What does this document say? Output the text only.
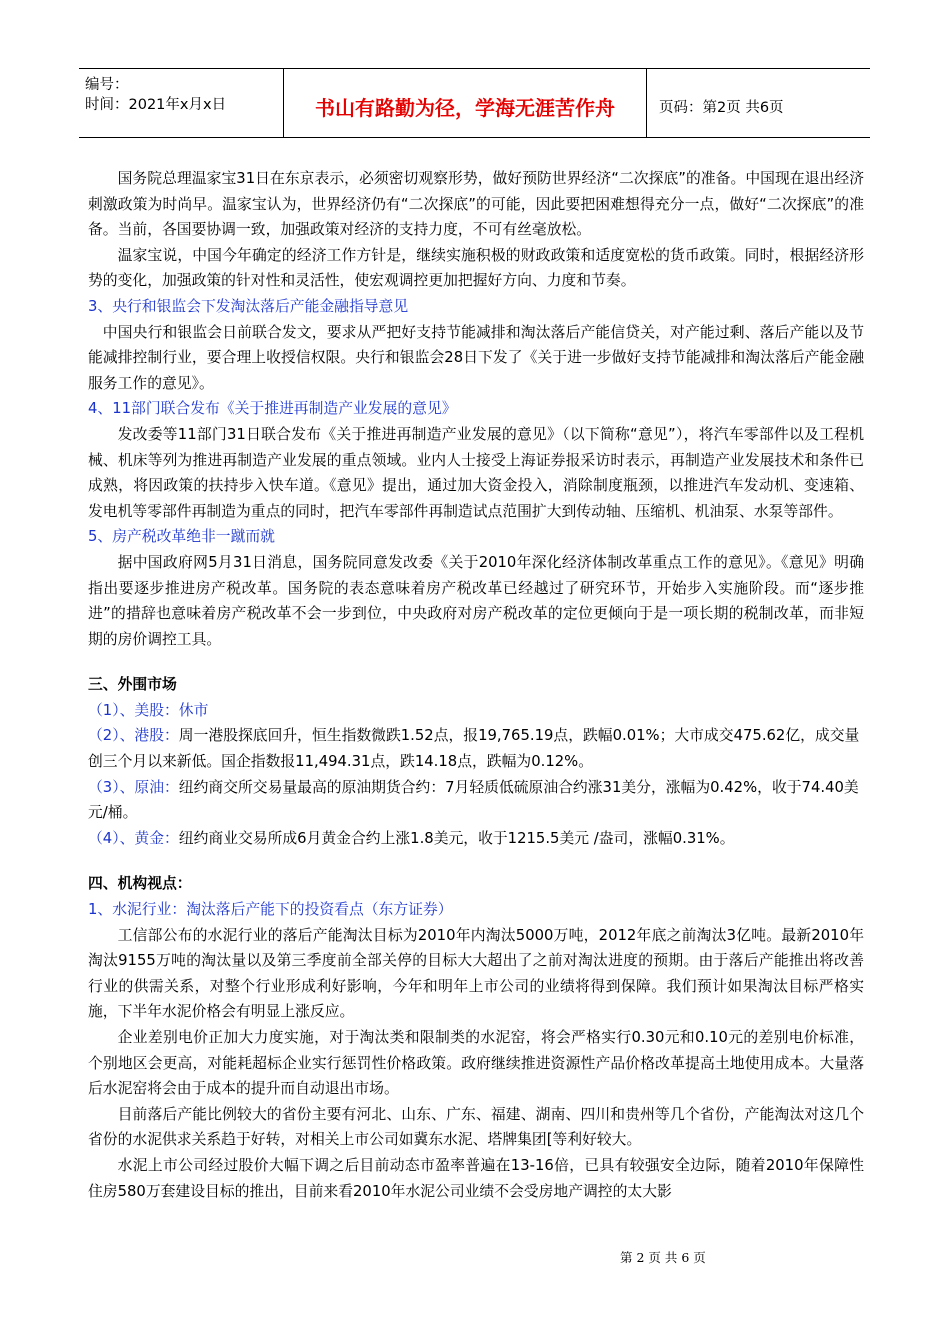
编号：
时间：2021年x月x日	书山有路勤为径，学海无涯苦作舟	页码：第2页 共6页

国务院总理温家宝31日在东京表示，必须密切观察形势，做好预防世界经济“二次探底”的准备。中国现在退出经济刺激政策为时尚早。温家宝认为，世界经济仍有“二次探底”的可能，因此要把困难想得充分一点，做好“二次探底”的准备。当前，各国要协调一致，加强政策对经济的支持力度，不可有丝毫放松。

温家宝说，中国今年确定的经济工作方针是，继续实施积极的财政政策和适度宽松的货币政策。同时，根据经济形势的变化，加强政策的针对性和灵活性，使宏观调控更加把握好方向、力度和节奏。

3、央行和银监会下发淘汰落后产能金融指导意见

中国央行和银监会日前联合发文，要求从严把好支持节能减排和淘汰落后产能信贷关，对产能过剩、落后产能以及节能减排控制行业，要合理上收授信权限。央行和银监会28日下发了《关于进一步做好支持节能减排和淘汰落后产能金融服务工作的意见》。

4、11部门联合发布《关于推进再制造产业发展的意见》

发改委等11部门31日联合发布《关于推进再制造产业发展的意见》（以下简称“意见”），将汽车零部件以及工程机械、机床等列为推进再制造产业发展的重点领域。业内人士接受上海证券报采访时表示，再制造产业发展技术和条件已成熟，将因政策的扶持步入快车道。《意见》提出，通过加大资金投入，消除制度瓶颈，以推进汽车发动机、变速箱、发电机等零部件再制造为重点的同时，把汽车零部件再制造试点范围扩大到传动轴、压缩机、机油泵、水泵等部件。

5、房产税改革绝非一蹴而就

据中国政府网5月31日消息，国务院同意发改委《关于2010年深化经济体制改革重点工作的意见》。《意见》明确指出要逐步推进房产税改革。国务院的表态意味着房产税改革已经越过了研究环节，开始步入实施阶段。而“逐步推进”的措辞也意味着房产税改革不会一步到位，中央政府对房产税改革的定位更倾向于是一项长期的税制改革，而非短期的房价调控工具。

三、外围市场

（1）、美股：休市

（2）、港股：周一港股探底回升，恒生指数微跌1.52点，报19,765.19点，跌幅0.01%；大市成交475.62亿，成交量创三个月以来新低。国企指数报11,494.31点，跌14.18点，跌幅为0.12%。

（3）、原油：纽约商交所交易量最高的原油期货合约：7月轻质低硫原油合约涨31美分，涨幅为0.42%，收于74.40美元/桶。

（4）、黄金：纽约商业交易所成6月黄金合约上涨1.8美元，收于1215.5美元 /盎司，涨幅0.31%。

四、机构视点：

1、水泥行业：淘汰落后产能下的投资看点（东方证券）

工信部公布的水泥行业的落后产能淘汰目标为2010年内淘汰5000万吨，2012年底之前淘汰3亿吨。最新2010年淘汰9155万吨的淘汰量以及第三季度前全部关停的目标大大超出了之前对淘汰进度的预期。由于落后产能推出将改善行业的供需关系，对整个行业形成利好影响，今年和明年上市公司的业绩将得到保障。我们预计如果淘汰目标严格实施，下半年水泥价格会有明显上涨反应。

企业差别电价正加大力度实施，对于淘汰类和限制类的水泥窑，将会严格实行0.30元和0.10元的差别电价标准，个别地区会更高，对能耗超标企业实行惩罚性价格政策。政府继续推进资源性产品价格改革提高土地使用成本。大量落后水泥窑将会由于成本的提升而自动退出市场。

目前落后产能比例较大的省份主要有河北、山东、广东、福建、湖南、四川和贵州等几个省份，产能淘汰对这几个省份的水泥供求关系趋于好转，对相关上市公司如冀东水泥、塔牌集团[等利好较大。

水泥上市公司经过股价大幅下调之后目前动态市盈率普遍在13-16倍，已具有较强安全边际，随着2010年保障性住房580万套建设目标的推出，目前来看2010年水泥公司业绩不会受房地产调控的太大影

第 2 页 共 6 页
